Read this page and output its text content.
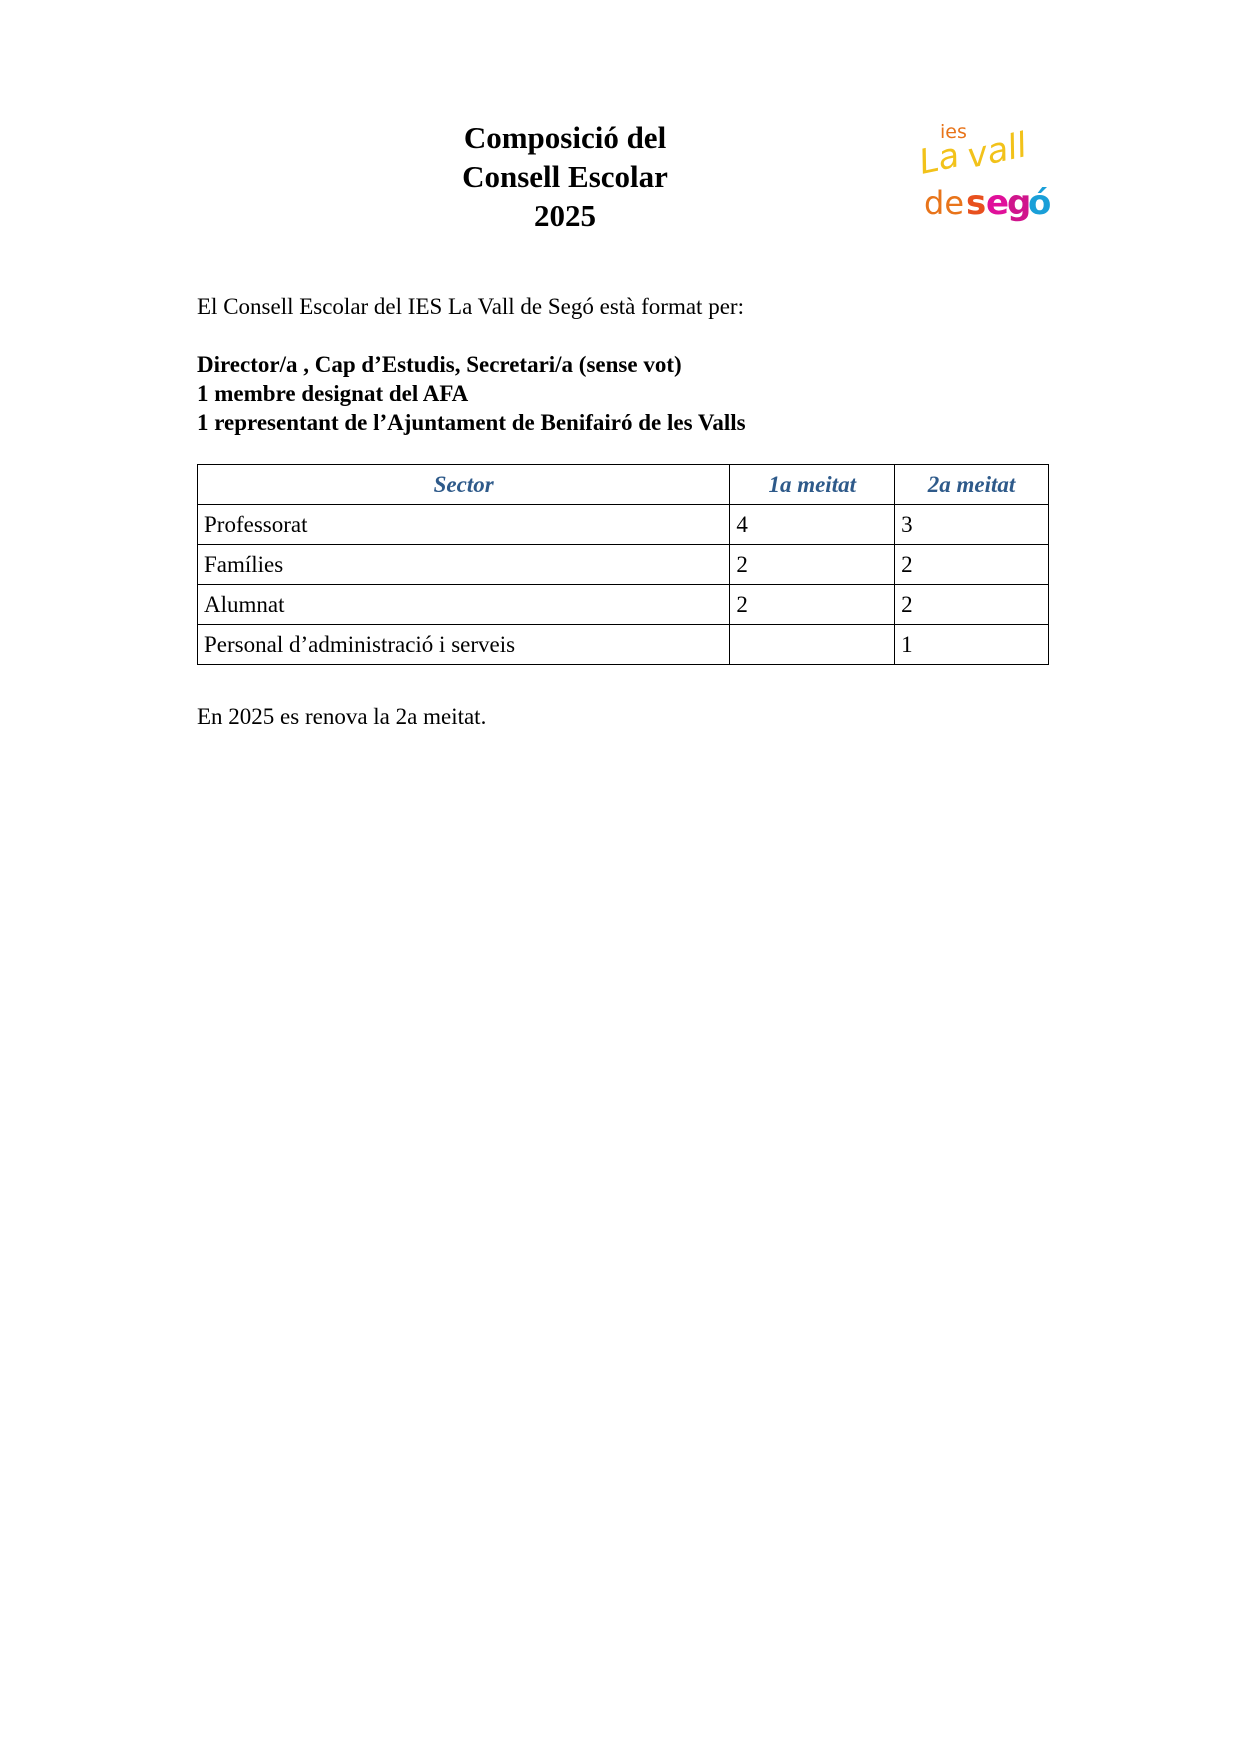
Composició del
Consell Escolar
2025
ies
La vall
de s e
g
ó
El Consell Escolar del IES La Vall de Segó està format per:
Director/a , Cap d’Estudis, Secretari/a (sense vot)
1 membre designat del AFA
1 representant de l’Ajuntament de Benifairó de les Valls
Sector	1a meitat	2a meitat
Professorat	4	3
Famílies	2	2
Alumnat	2	2
Personal d’administració i serveis		1
En 2025 es renova la 2a meitat.
